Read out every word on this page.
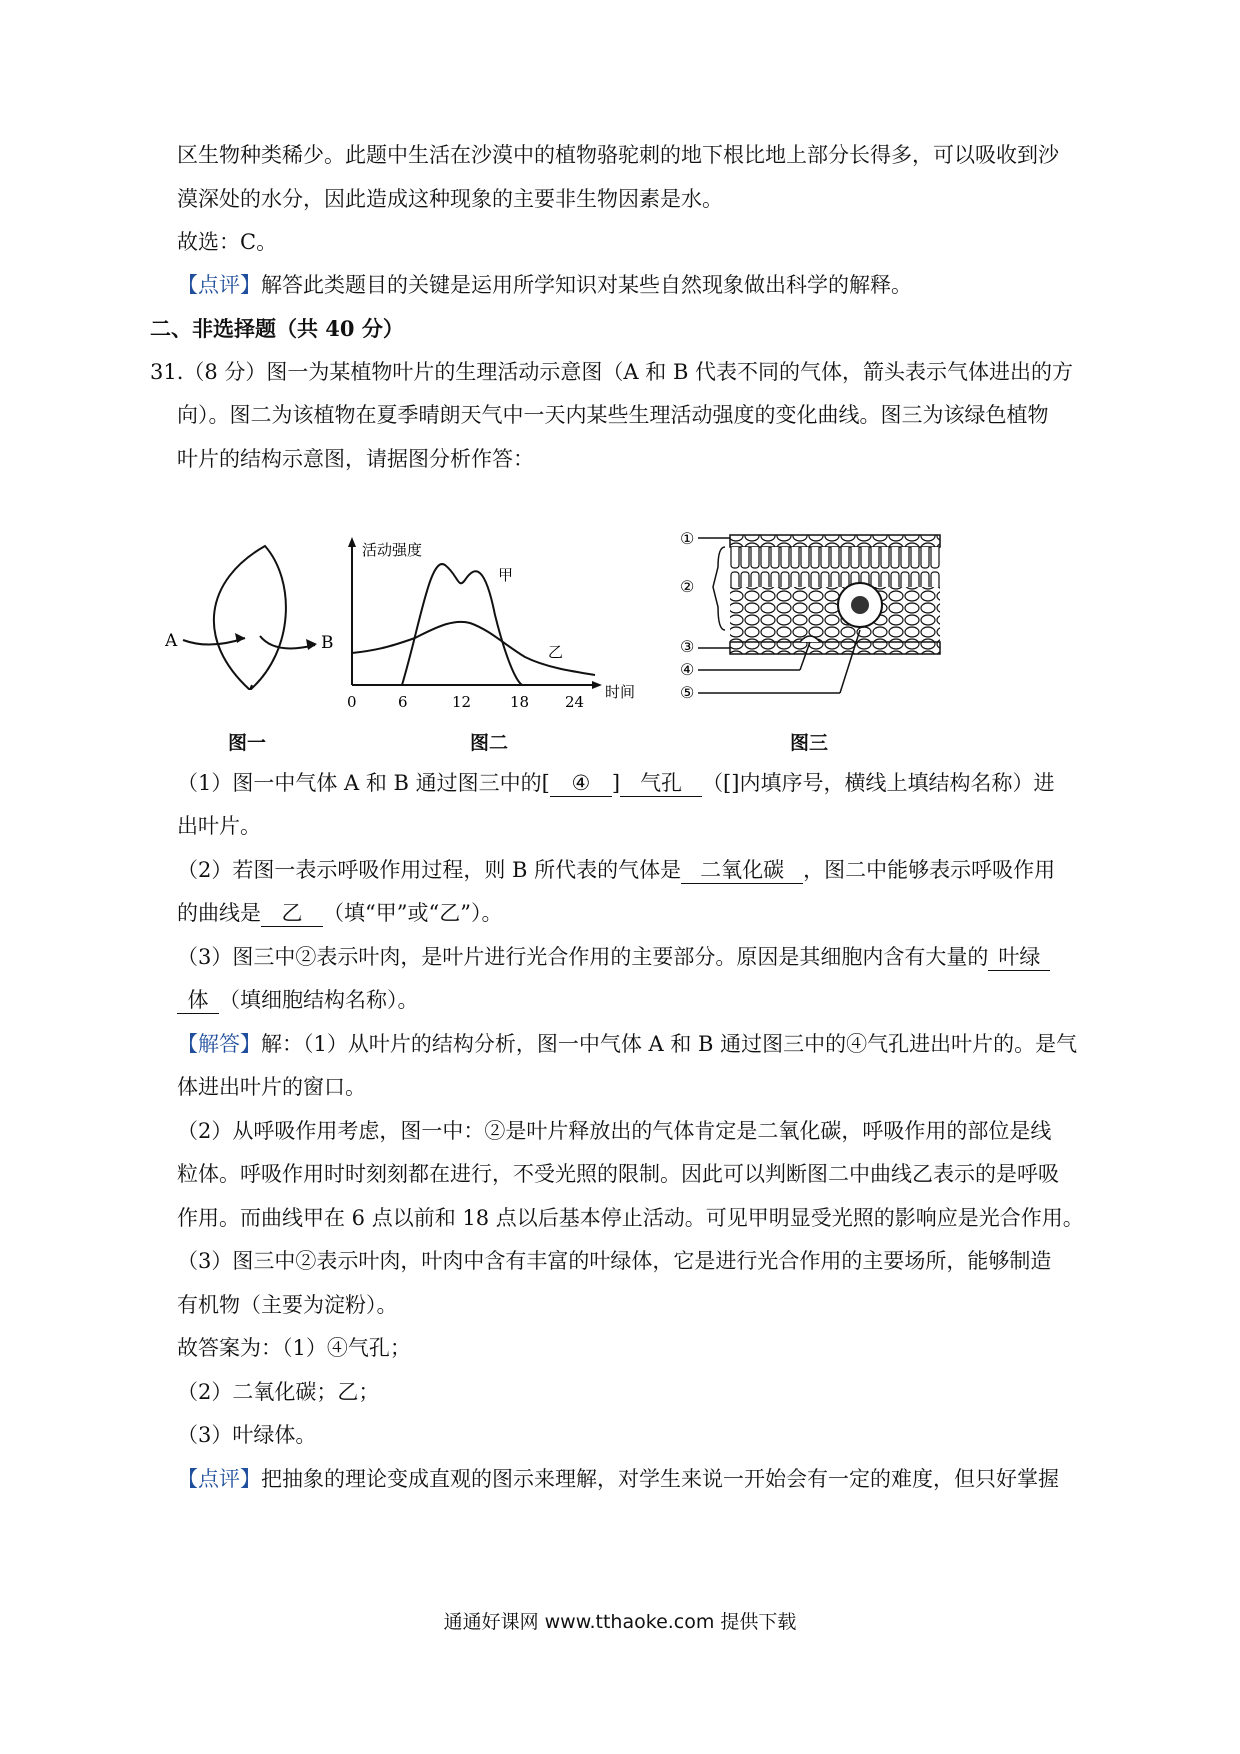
区生物种类稀少。此题中生活在沙漠中的植物骆驼刺的地下根比地上部分长得多，可以吸收到沙
漠深处的水分，因此造成这种现象的主要非生物因素是水。
故选：C。
【点评】解答此类题目的关键是运用所学知识对某些自然现象做出科学的解释。
二、非选择题（共 40 分）
31.（8 分）图一为某植物叶片的生理活动示意图（A 和 B 代表不同的气体，箭头表示气体进出的方
向）。图二为该植物在夏季晴朗天气中一天内某些生理活动强度的变化曲线。图三为该绿色植物
叶片的结构示意图，请据图分析作答：
A	B
图一
活动强度
时间
甲
乙
0	6	12	18 24
图二
①
②
③
④
⑤
图三
（1）图一中气体 A 和 B 通过图三中的[ ④ ] 气孔 （[]内填序号，横线上填结构名称）进
出叶片。
（2）若图一表示呼吸作用过程，则 B 所代表的气体是 二氧化碳 ，图二中能够表示呼吸作用
的曲线是 乙 （填“甲”或“乙”）。
（3）图三中②表示叶肉，是叶片进行光合作用的主要部分。原因是其细胞内含有大量的 叶绿
体 （填细胞结构名称）。
【解答】解：（1）从叶片的结构分析，图一中气体 A 和 B 通过图三中的④气孔进出叶片的。是气
体进出叶片的窗口。
（2）从呼吸作用考虑，图一中：②是叶片释放出的气体肯定是二氧化碳，呼吸作用的部位是线
粒体。呼吸作用时时刻刻都在进行，不受光照的限制。因此可以判断图二中曲线乙表示的是呼吸
作用。而曲线甲在 6 点以前和 18 点以后基本停止活动。可见甲明显受光照的影响应是光合作用。
（3）图三中②表示叶肉，叶肉中含有丰富的叶绿体，它是进行光合作用的主要场所，能够制造
有机物（主要为淀粉）。
故答案为：（1）④气孔；
（2）二氧化碳；乙；
（3）叶绿体。
【点评】把抽象的理论变成直观的图示来理解，对学生来说一开始会有一定的难度，但只好掌握
通通好课网 www.tthaoke.com 提供下载
